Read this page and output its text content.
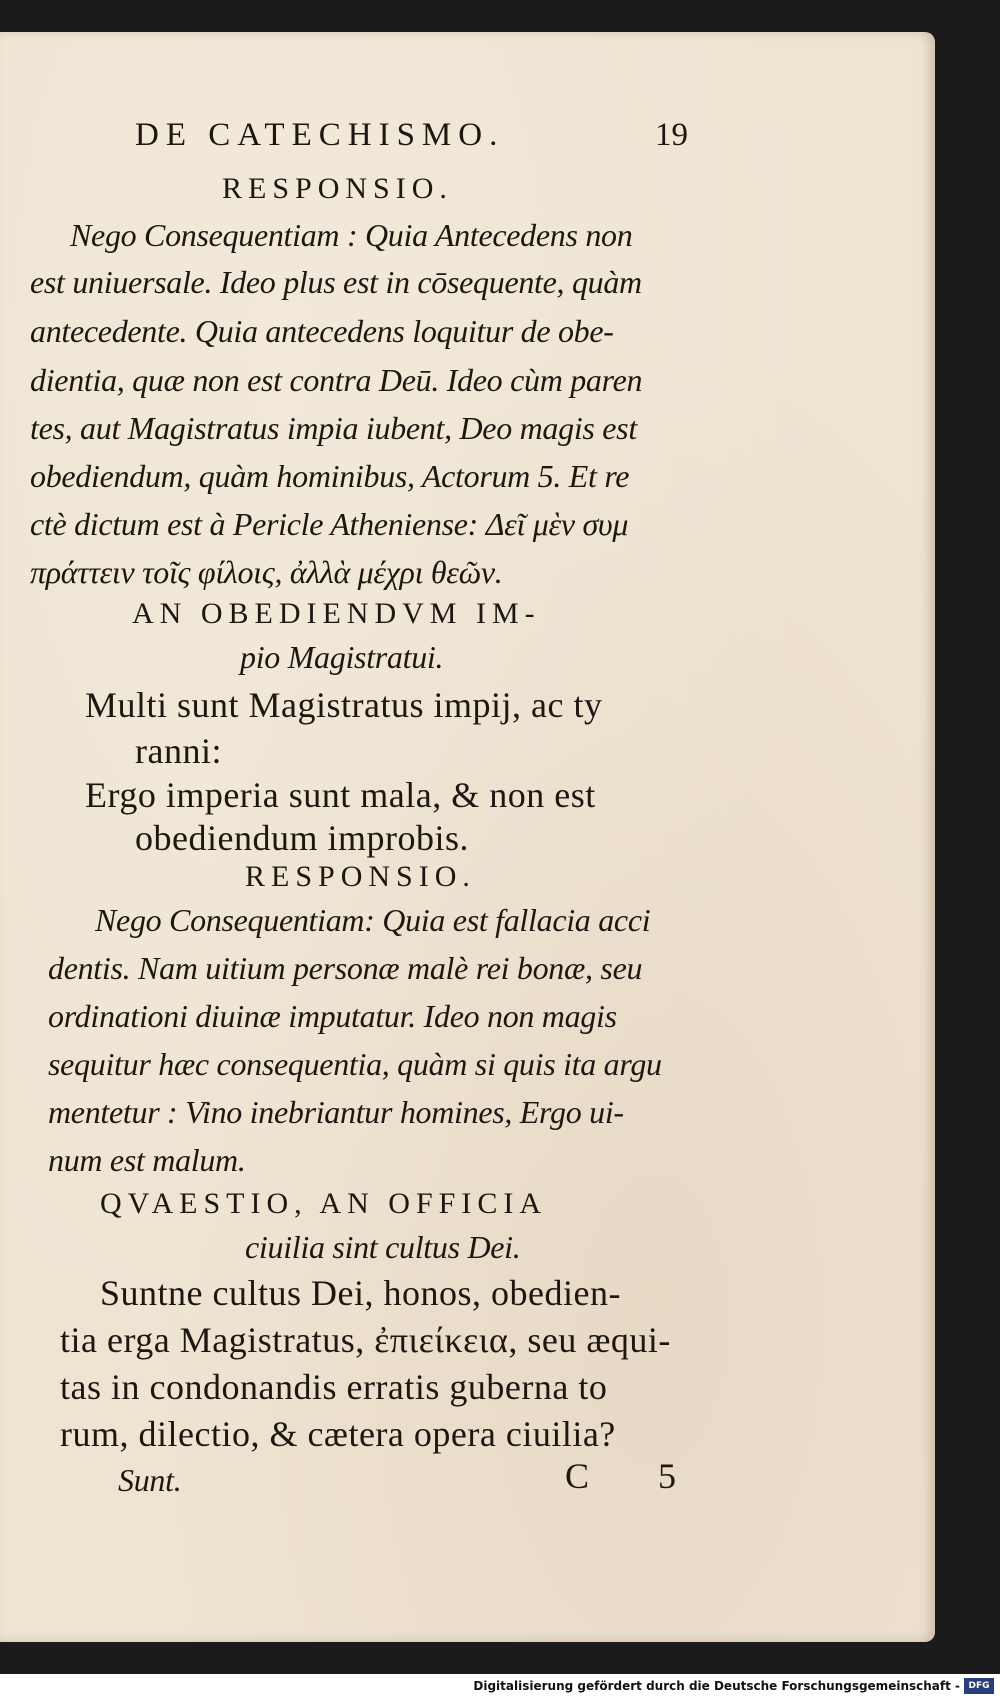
DE CATECHISMO.	19
RESPONSIO.
Nego Consequentiam : Quia Antecedens non
est uniuersale. Ideo plus est in cōsequente, quàm
antecedente. Quia antecedens loquitur de obe-
dientia, quæ non est contra Deū. Ideo cùm paren
tes, aut Magistratus impia iubent, Deo magis est
obediendum, quàm hominibus, Actorum 5. Et re
ctè dictum est à Pericle Atheniense: Δεῖ μὲν συμ
πράττειν τοῖς φίλοις, ἀλλὰ μέχρι θεῶν.
AN OBEDIENDVM IM-
pio Magistratui.
Multi sunt Magistratus impij, ac ty
ranni:
Ergo imperia sunt mala, & non est
obediendum improbis.
RESPONSIO.
Nego Consequentiam: Quia est fallacia acci
dentis. Nam uitium personæ malè rei bonæ, seu
ordinationi diuinæ imputatur. Ideo non magis
sequitur hæc consequentia, quàm si quis ita argu
mentetur : Vino inebriantur homines, Ergo ui-
num est malum.
QVAESTIO, AN OFFICIA
ciuilia sint cultus Dei.
Suntne cultus Dei, honos, obedien-
tia erga Magistratus, ἐπιείκεια, seu æqui-
tas in condonandis erratis guberna to
rum, dilectio, & cætera opera ciuilia?
Sunt.	C 5
Digitalisierung gefördert durch die Deutsche Forschungsgemeinschaft - DFG
